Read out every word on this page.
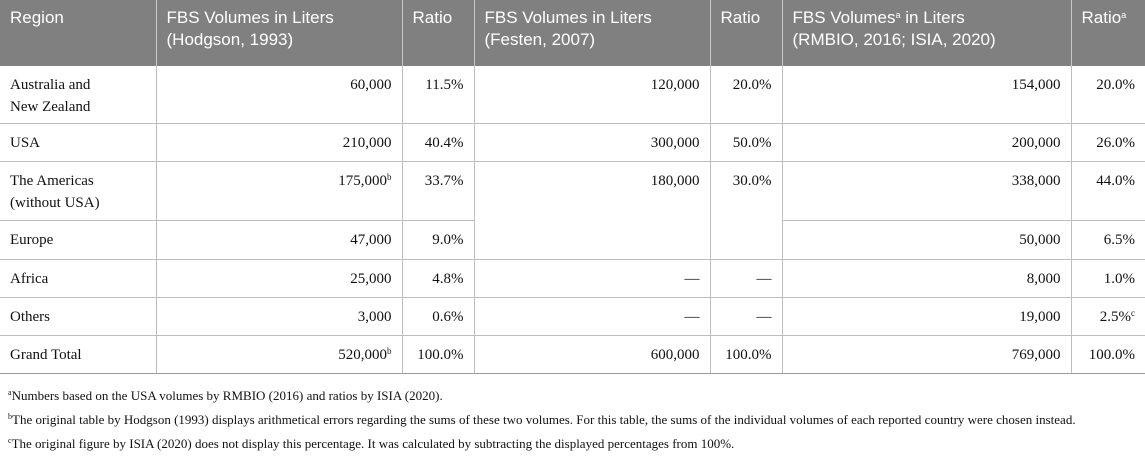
Region	FBS Volumes in Liters
(Hodgson, 1993)	Ratio	FBS Volumes in Liters
(Festen, 2007)	Ratio	FBS Volumes$^a$ in Liters
(RMBIO, 2016; ISIA, 2020)	Ratio$^a$
Australia and
New Zealand	60,000	11.5%	120,000	20.0%	154,000	20.0%
USA	210,000	40.4%	300,000	50.0%	200,000	26.0%
The Americas
(without USA)	175,000$^b$	33.7%	180,000	30.0%	338,000	44.0%
Europe	47,000	9.0%			50,000	6.5%
Africa	25,000	4.8%	—	—	8,000	1.0%
Others	3,000	0.6%	—	—	19,000	2.5%$^c$
Grand Total	520,000$^b$	100.0%	600,000	100.0%	769,000	100.0%

$^a$Numbers based on the USA volumes by RMBIO (2016) and ratios by ISIA (2020).

$^b$The original table by Hodgson (1993) displays arithmetical errors regarding the sums of these two volumes. For this table, the sums of the individual volumes of each reported country were chosen instead.

$^c$The original figure by ISIA (2020) does not display this percentage. It was calculated by subtracting the displayed percentages from 100%.
